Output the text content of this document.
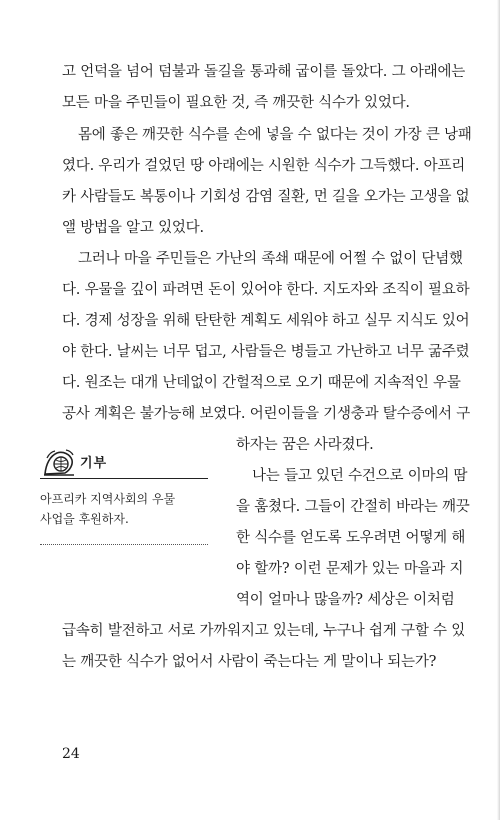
고 언덕을 넘어 덤불과 돌길을 통과해 굽이를 돌았다. 그 아래에는
모든 마을 주민들이 필요한 것, 즉 깨끗한 식수가 있었다.
몸에 좋은 깨끗한 식수를 손에 넣을 수 없다는 것이 가장 큰 낭패
였다. 우리가 걸었던 땅 아래에는 시원한 식수가 그득했다. 아프리
카 사람들도 복통이나 기회성 감염 질환, 먼 길을 오가는 고생을 없
앨 방법을 알고 있었다.
그러나 마을 주민들은 가난의 족쇄 때문에 어쩔 수 없이 단념했
다. 우물을 깊이 파려면 돈이 있어야 한다. 지도자와 조직이 필요하
다. 경제 성장을 위해 탄탄한 계획도 세워야 하고 실무 지식도 있어
야 한다. 날씨는 너무 덥고, 사람들은 병들고 가난하고 너무 굶주렸
다. 원조는 대개 난데없이 간헐적으로 오기 때문에 지속적인 우물
공사 계획은 불가능해 보였다. 어린이들을 기생충과 탈수증에서 구
하자는 꿈은 사라졌다.
나는 들고 있던 수건으로 이마의 땀
을 훔쳤다. 그들이 간절히 바라는 깨끗
한 식수를 얻도록 도우려면 어떻게 해
야 할까? 이런 문제가 있는 마을과 지
역이 얼마나 많을까? 세상은 이처럼
급속히 발전하고 서로 가까워지고 있는데, 누구나 쉽게 구할 수 있
는 깨끗한 식수가 없어서 사람이 죽는다는 게 말이나 되는가?
기부
아프리카 지역사회의 우물
사업을 후원하자.
24
